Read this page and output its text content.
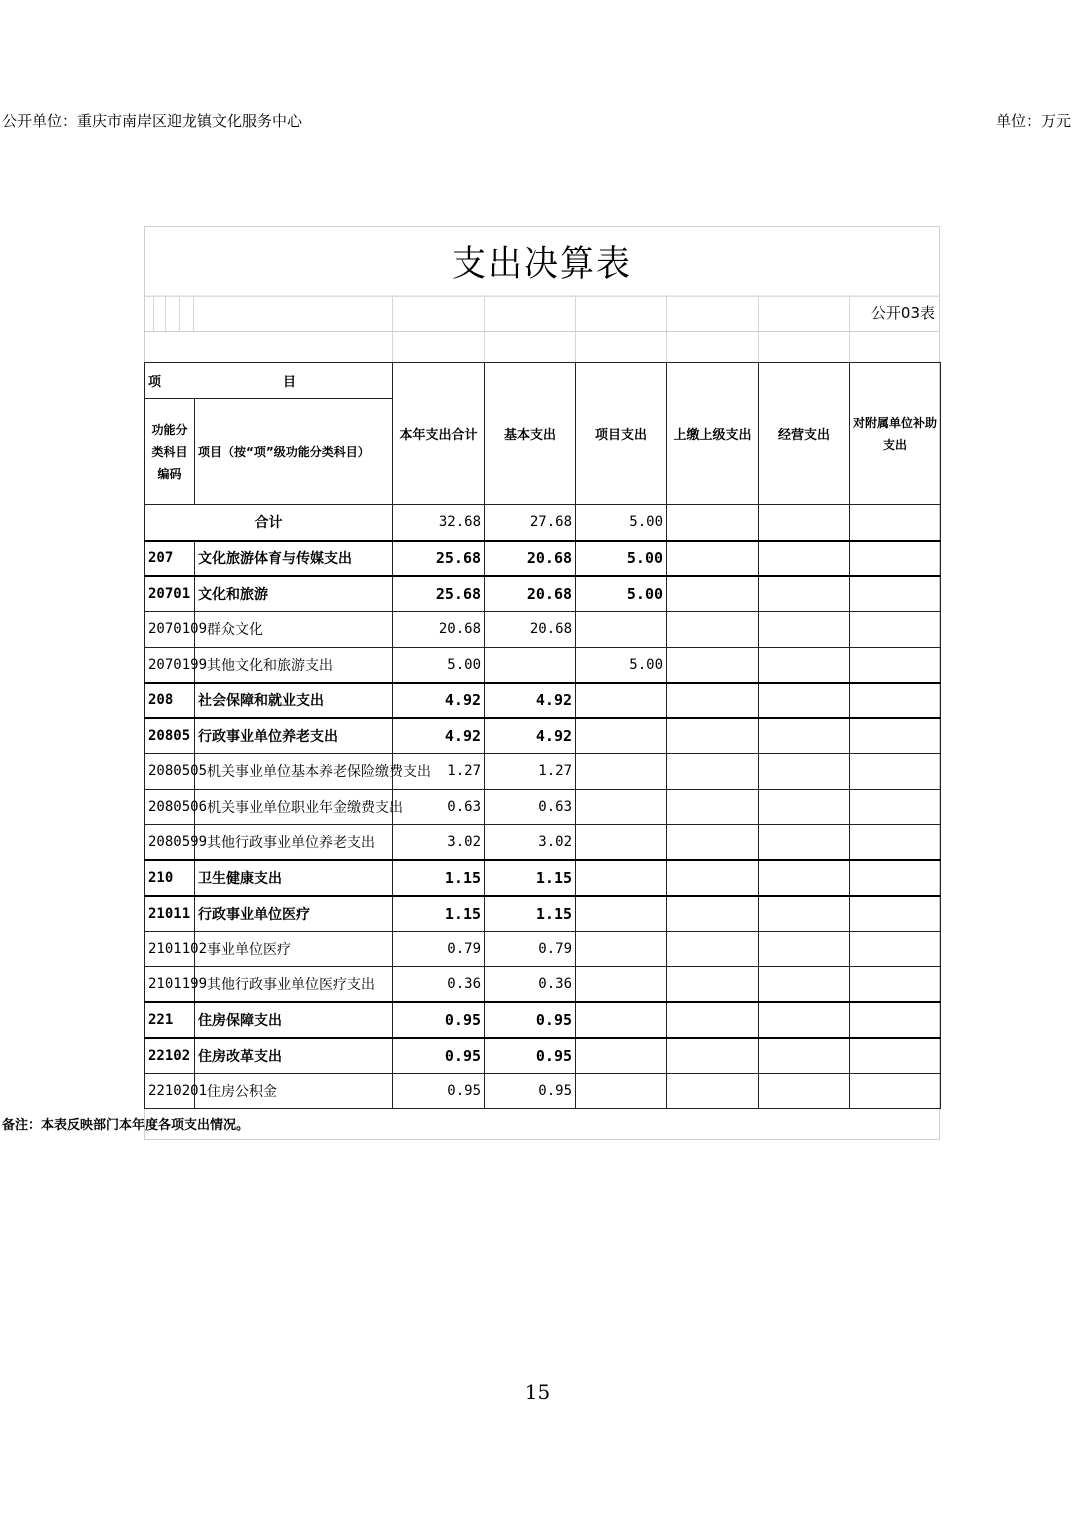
支出决算表
公开03表
公开单位：重庆市南岸区迎龙镇文化服务中心	单位：万元
项　　　　　　　　目		本年支出合计	基本支出	项目支出	上缴上级支出	经营支出	对附属单位补助支出
功能分类科目编码	项目（按“项”级功能分类科目）						
合计		32.68	27.68	5.00			
207	文化旅游体育与传媒支出	25.68	20.68	5.00			
20701	文化和旅游	25.68	20.68	5.00			
2070109	群众文化	20.68	20.68				
2070199	其他文化和旅游支出	5.00		5.00			
208	社会保障和就业支出	4.92	4.92				
20805	行政事业单位养老支出	4.92	4.92				
2080505	机关事业单位基本养老保险缴费支出	1.27	1.27				
2080506	机关事业单位职业年金缴费支出	0.63	0.63				
2080599	其他行政事业单位养老支出	3.02	3.02				
210	卫生健康支出	1.15	1.15				
21011	行政事业单位医疗	1.15	1.15				
2101102	事业单位医疗	0.79	0.79				
2101199	其他行政事业单位医疗支出	0.36	0.36				
221	住房保障支出	0.95	0.95				
22102	住房改革支出	0.95	0.95				
2210201	住房公积金	0.95	0.95				
备注：本表反映部门本年度各项支出情况。
15
